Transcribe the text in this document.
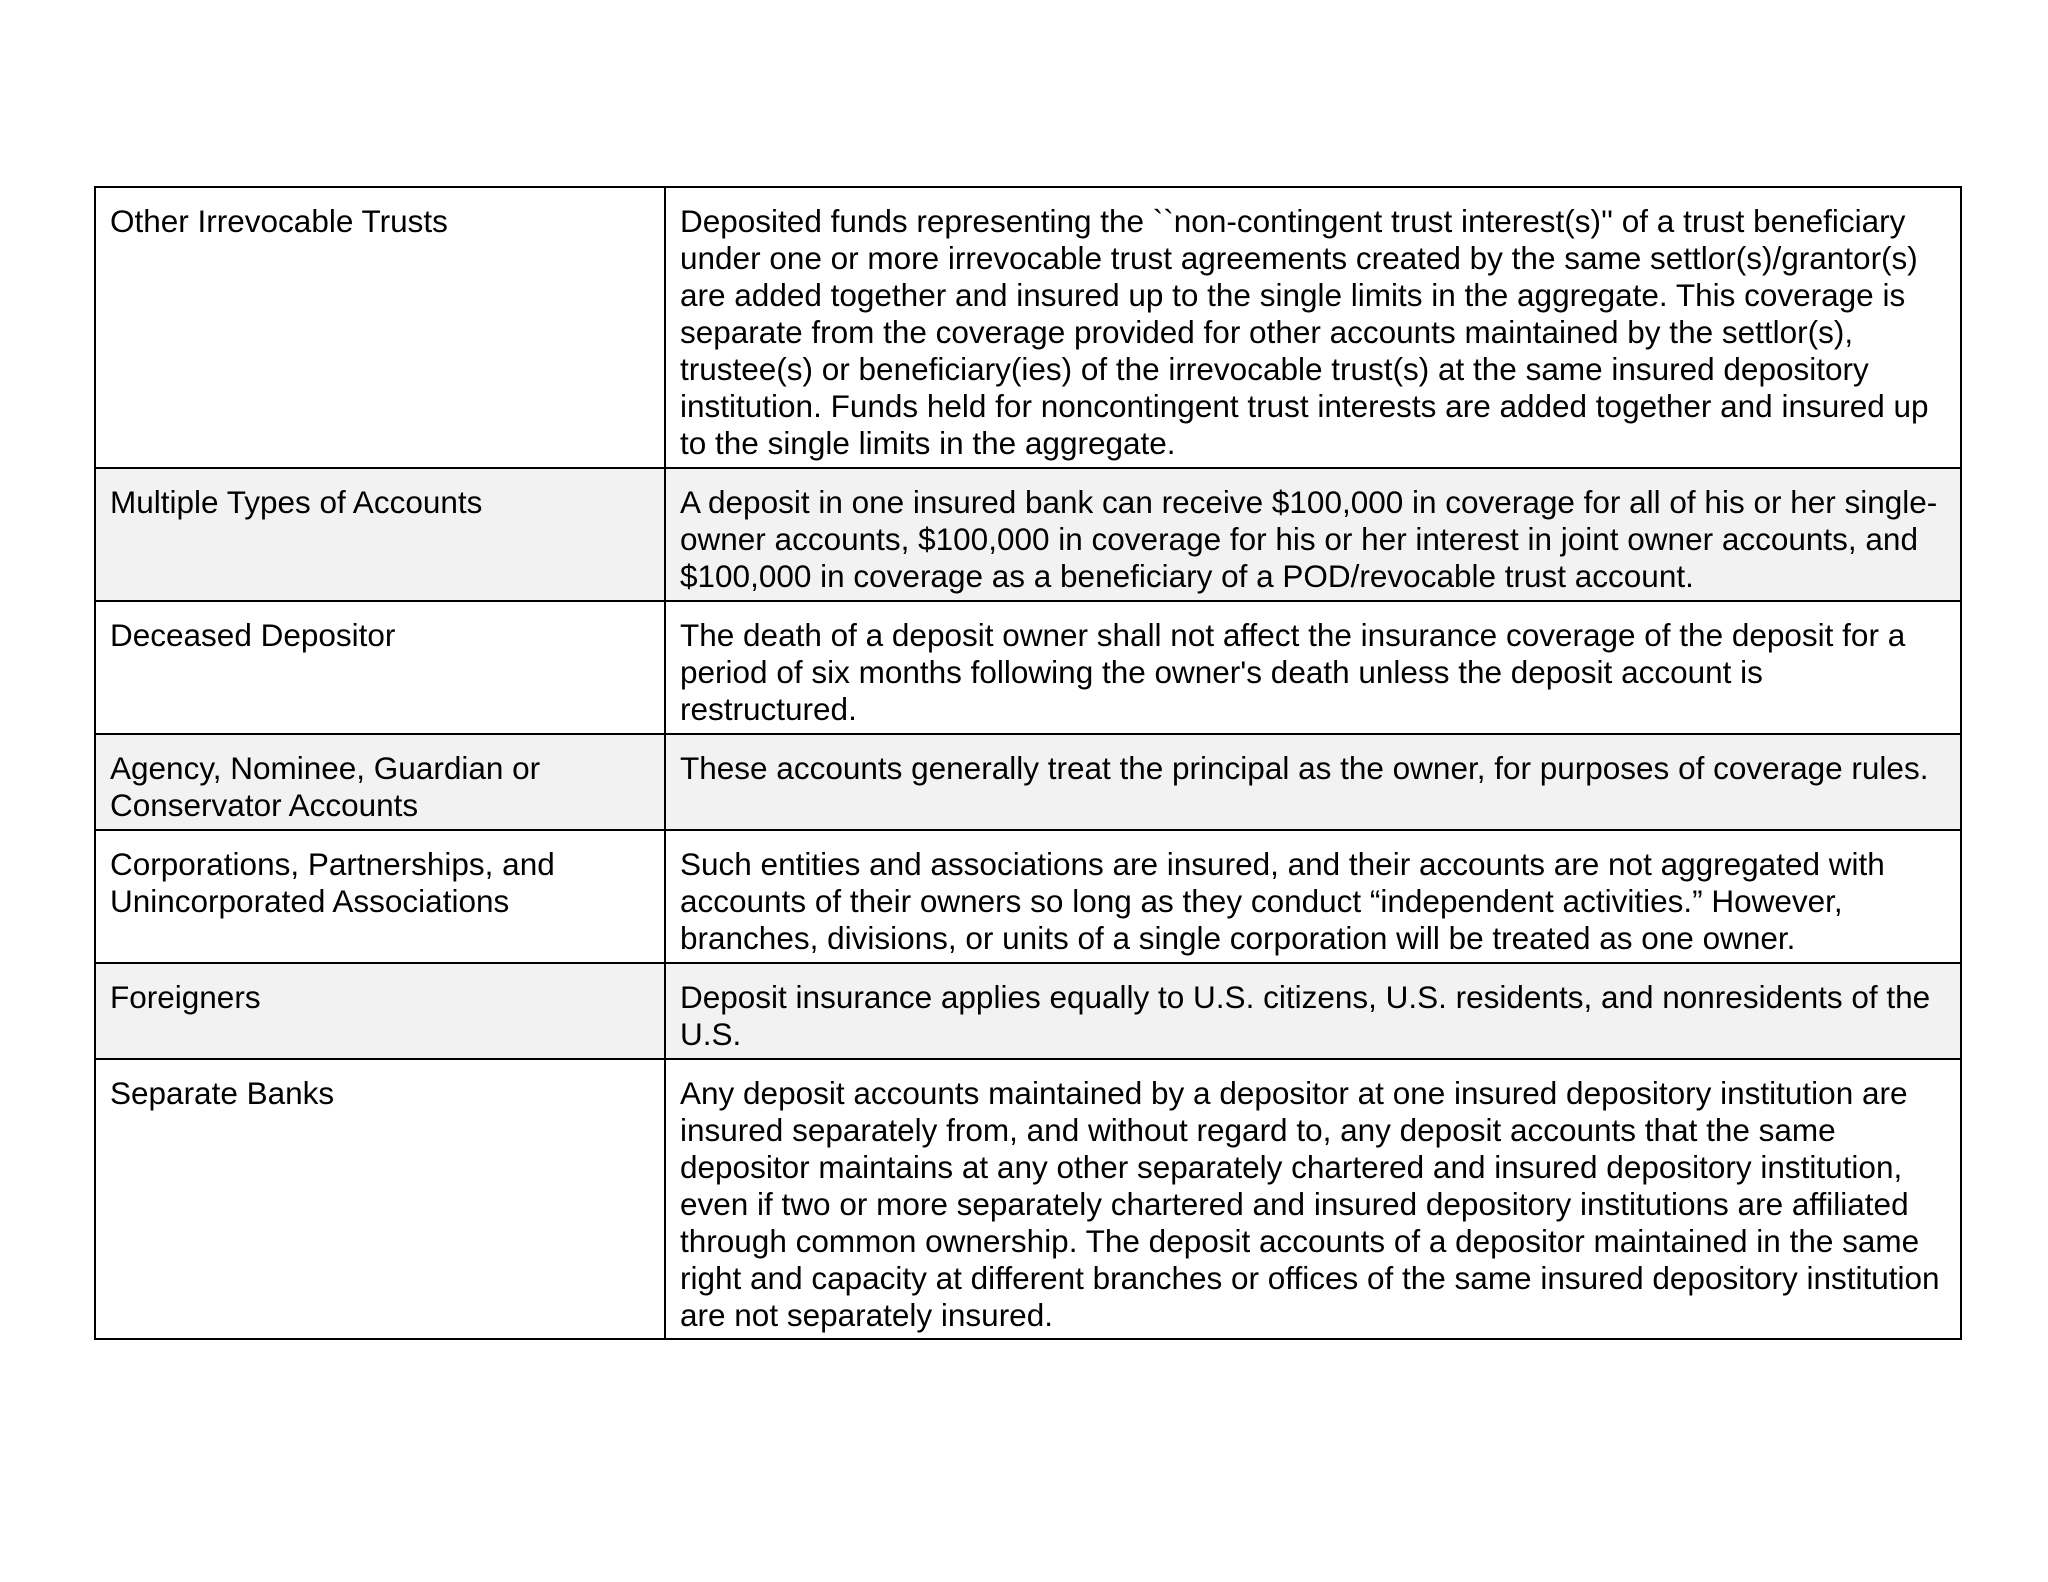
Other Irrevocable Trusts	Deposited funds representing the ``non-contingent trust interest(s)'' of a trust beneficiary under one or more irrevocable trust agreements created by the same settlor(s)/grantor(s) are added together and insured up to the single limits in the aggregate. This coverage is separate from the coverage provided for other accounts maintained by the settlor(s), trustee(s) or beneficiary(ies) of the irrevocable trust(s) at the same insured depository institution. Funds held for noncontingent trust interests are added together and insured up to the single limits in the aggregate.
Multiple Types of Accounts	A deposit in one insured bank can receive $100,000 in coverage for all of his or her single-owner accounts, $100,000 in coverage for his or her interest in joint owner accounts, and $100,000 in coverage as a beneficiary of a POD/revocable trust account.
Deceased Depositor	The death of a deposit owner shall not affect the insurance coverage of the deposit for a period of six months following the owner's death unless the deposit account is restructured.
Agency, Nominee, Guardian or Conservator Accounts	These accounts generally treat the principal as the owner, for purposes of coverage rules.
Corporations, Partnerships, and Unincorporated Associations	Such entities and associations are insured, and their accounts are not aggregated with accounts of their owners so long as they conduct “independent activities.” However, branches, divisions, or units of a single corporation will be treated as one owner.
Foreigners	Deposit insurance applies equally to U.S. citizens, U.S. residents, and nonresidents of the U.S.
Separate Banks	Any deposit accounts maintained by a depositor at one insured depository institution are insured separately from, and without regard to, any deposit accounts that the same depositor maintains at any other separately chartered and insured depository institution, even if two or more separately chartered and insured depository institutions are affiliated through common ownership. The deposit accounts of a depositor maintained in the same right and capacity at different branches or offices of the same insured depository institution are not separately insured.
